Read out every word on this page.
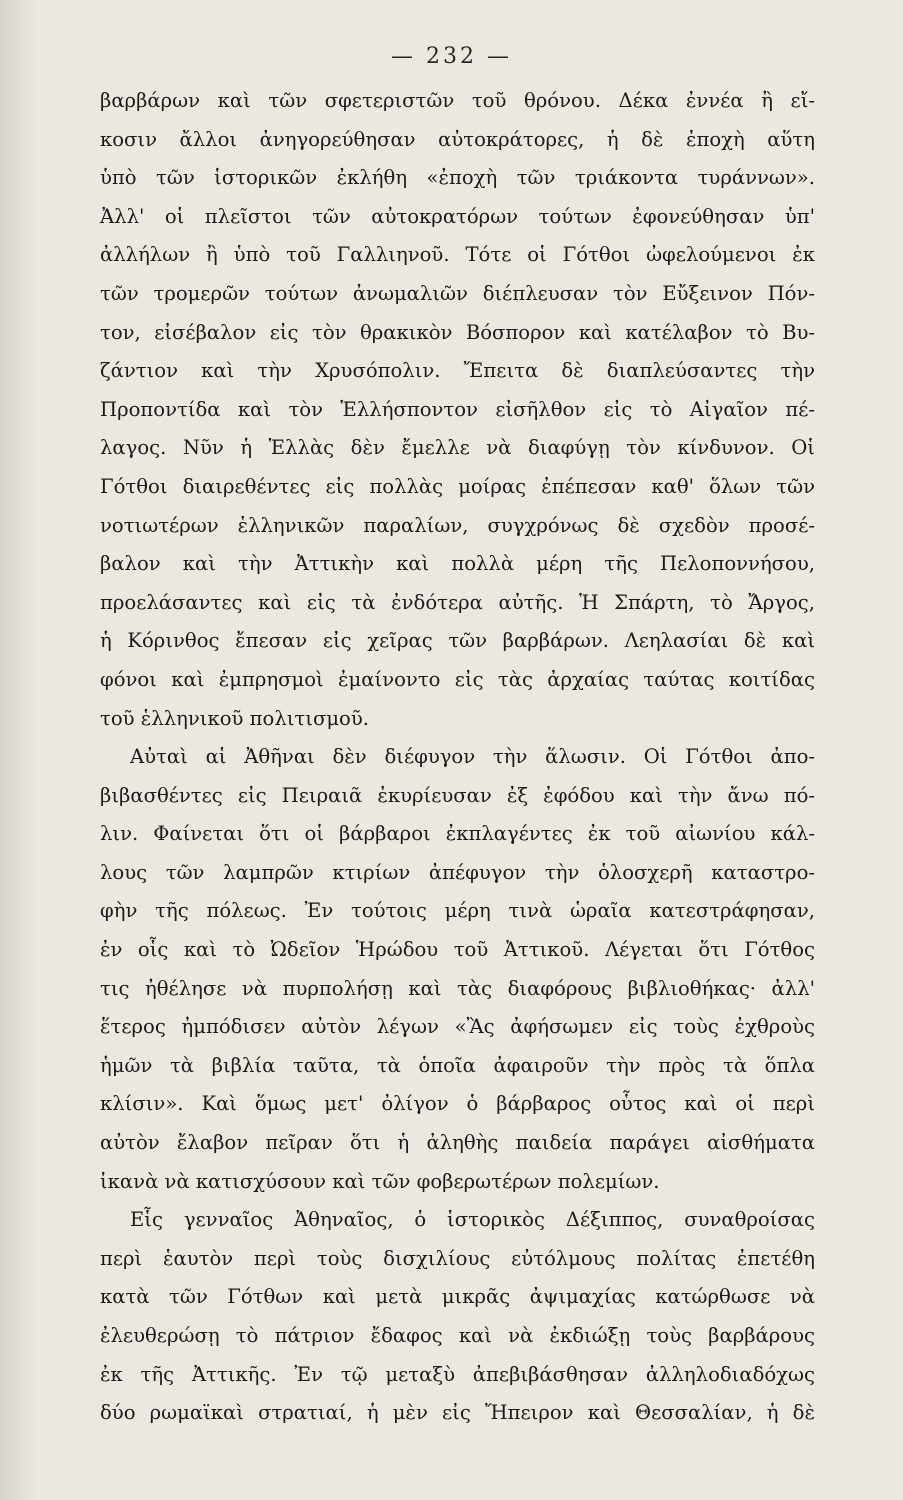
— 232 —
βαρβάρων καὶ τῶν σφετεριστῶν τοῦ θρόνου. Δέκα ἐννέα ἢ εἴ-
κοσιν ἄλλοι ἀνηγορεύθησαν αὐτοκράτορες, ἡ δὲ ἐποχὴ αὕτη
ὑπὸ τῶν ἱστορικῶν ἐκλήθη «ἐποχὴ τῶν τριάκοντα τυράννων».
Ἀλλ' οἱ πλεῖστοι τῶν αὐτοκρατόρων τούτων ἐφονεύθησαν ὑπ'
ἀλλήλων ἢ ὑπὸ τοῦ Γαλλιηνοῦ. Τότε οἱ Γότθοι ὠφελούμενοι ἐκ
τῶν τρομερῶν τούτων ἀνωμαλιῶν διέπλευσαν τὸν Εὔξεινον Πόν-
τον, εἰσέβαλον εἰς τὸν θρακικὸν Βόσπορον καὶ κατέλαβον τὸ Βυ-
ζάντιον καὶ τὴν Χρυσόπολιν. Ἔπειτα δὲ διαπλεύσαντες τὴν
Προποντίδα καὶ τὸν Ἑλλήσποντον εἰσῆλθον εἰς τὸ Αἰγαῖον πέ-
λαγος. Νῦν ἡ Ἑλλὰς δὲν ἔμελλε νὰ διαφύγῃ τὸν κίνδυνον. Οἱ
Γότθοι διαιρεθέντες εἰς πολλὰς μοίρας ἐπέπεσαν καθ' ὅλων τῶν
νοτιωτέρων ἑλληνικῶν παραλίων, συγχρόνως δὲ σχεδὸν προσέ-
βαλον καὶ τὴν Ἀττικὴν καὶ πολλὰ μέρη τῆς Πελοποννήσου,
προελάσαντες καὶ εἰς τὰ ἐνδότερα αὐτῆς. Ἡ Σπάρτη, τὸ Ἄργος,
ἡ Κόρινθος ἔπεσαν εἰς χεῖρας τῶν βαρβάρων. Λεηλασίαι δὲ καὶ
φόνοι καὶ ἐμπρησμοὶ ἐμαίνοντο εἰς τὰς ἀρχαίας ταύτας κοιτίδας
τοῦ ἑλληνικοῦ πολιτισμοῦ.
Αὐταὶ αἱ Ἀθῆναι δὲν διέφυγον τὴν ἅλωσιν. Οἱ Γότθοι ἀπο-
βιβασθέντες εἰς Πειραιᾶ ἐκυρίευσαν ἐξ ἐφόδου καὶ τὴν ἄνω πό-
λιν. Φαίνεται ὅτι οἱ βάρβαροι ἐκπλαγέντες ἐκ τοῦ αἰωνίου κάλ-
λους τῶν λαμπρῶν κτιρίων ἀπέφυγον τὴν ὁλοσχερῆ καταστρο-
φὴν τῆς πόλεως. Ἐν τούτοις μέρη τινὰ ὡραῖα κατεστράφησαν,
ἐν οἷς καὶ τὸ Ὠδεῖον Ἡρώδου τοῦ Ἀττικοῦ. Λέγεται ὅτι Γότθος
τις ἠθέλησε νὰ πυρπολήσῃ καὶ τὰς διαφόρους βιβλιοθήκας· ἀλλ'
ἕτερος ἠμπόδισεν αὐτὸν λέγων «Ἂς ἀφήσωμεν εἰς τοὺς ἐχθροὺς
ἡμῶν τὰ βιβλία ταῦτα, τὰ ὁποῖα ἀφαιροῦν τὴν πρὸς τὰ ὅπλα
κλίσιν». Καὶ ὅμως μετ' ὀλίγον ὁ βάρβαρος οὗτος καὶ οἱ περὶ
αὐτὸν ἔλαβον πεῖραν ὅτι ἡ ἀληθὴς παιδεία παράγει αἰσθήματα
ἱκανὰ νὰ κατισχύσουν καὶ τῶν φοβερωτέρων πολεμίων.
Εἷς γενναῖος Ἀθηναῖος, ὁ ἱστορικὸς Δέξιππος, συναθροίσας
περὶ ἑαυτὸν περὶ τοὺς δισχιλίους εὐτόλμους πολίτας ἐπετέθη
κατὰ τῶν Γότθων καὶ μετὰ μικρᾶς ἀψιμαχίας κατώρθωσε νὰ
ἐλευθερώσῃ τὸ πάτριον ἔδαφος καὶ νὰ ἐκδιώξῃ τοὺς βαρβάρους
ἐκ τῆς Ἀττικῆς. Ἐν τῷ μεταξὺ ἀπεβιβάσθησαν ἀλληλοδιαδόχως
δύο ρωμαϊκαὶ στρατιαί, ἡ μὲν εἰς Ἤπειρον καὶ Θεσσαλίαν, ἡ δὲ
